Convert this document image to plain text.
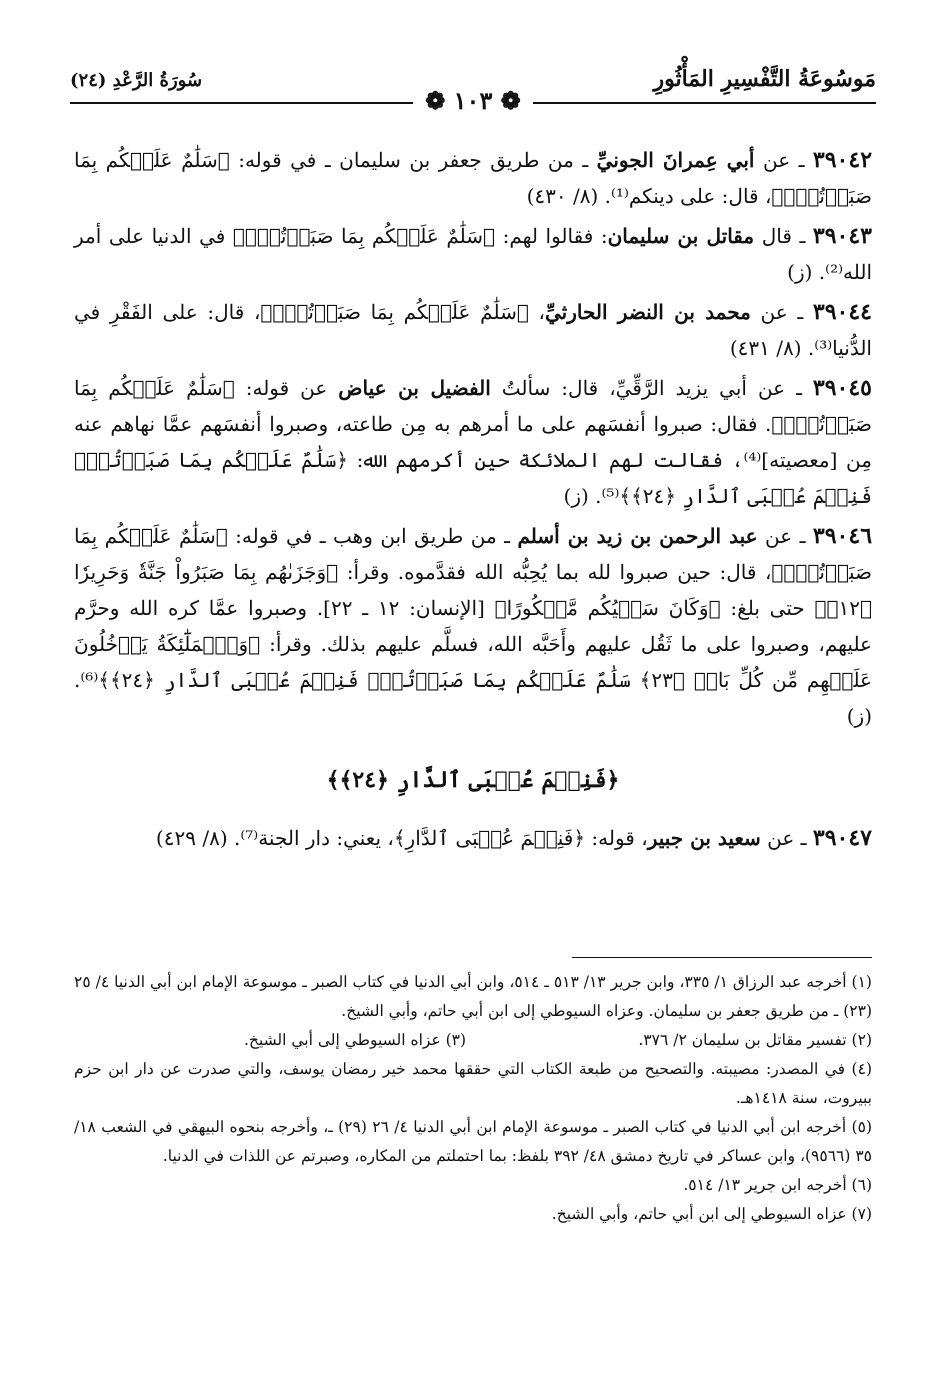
مَوسُوعَةُ التَّفْسِيرِ المَأْثُورِ
سُورَةُ الرَّعْدِ (٢٤)
❁ ١٠٣ ❁

٣٩٠٤٢ ـ عن أبي عِمرانَ الجونيِّ ـ من طريق جعفر بن سليمان ـ في قوله: ﴿سَلَٰمٌ عَلَيۡكُم بِمَا صَبَرۡتُمۡۚ﴾، قال: على دينكم⁽¹⁾. (٨/ ٤٣٠)

٣٩٠٤٣ ـ قال مقاتل بن سليمان: فقالوا لهم: ﴿سَلَٰمٌ عَلَيۡكُم بِمَا صَبَرۡتُمۡۚ﴾ في الدنيا على أمر الله⁽²⁾. (ز)

٣٩٠٤٤ ـ عن محمد بن النضر الحارثيِّ، ﴿سَلَٰمٌ عَلَيۡكُم بِمَا صَبَرۡتُمۡۚ﴾، قال: على الفَقْرِ في الدُّنيا⁽³⁾. (٨/ ٤٣١)

٣٩٠٤٥ ـ عن أبي يزيد الرَّقِّيِّ، قال: سألتُ الفضيل بن عياض عن قوله: ﴿سَلَٰمٌ عَلَيۡكُم بِمَا صَبَرۡتُمۡۚ﴾. فقال: صبروا أنفسَهم على ما أمرهم به مِن طاعته، وصبروا أنفسَهم عمَّا نهاهم عنه مِن [معصيته]⁽⁴⁾، فقالت لهم الملائكة حين أكرمهم الله: ﴿سَلَٰمٌ عَلَيۡكُم بِمَا صَبَرۡتُمۡۚ فَنِعۡمَ عُقۡبَى ٱلدَّارِ ﴿٢٤﴾﴾⁽⁵⁾. (ز)

٣٩٠٤٦ ـ عن عبد الرحمن بن زيد بن أسلم ـ من طريق ابن وهب ـ في قوله: ﴿سَلَٰمٌ عَلَيۡكُم بِمَا صَبَرۡتُمۡۚ﴾، قال: حين صبروا لله بما يُحِبُّه الله فقدَّموه. وقرأ: ﴿وَجَزَىٰهُم بِمَا صَبَرُواْ جَنَّةٗ وَحَرِيرٗا ﴿١٢﴾﴾ حتى بلغ: ﴿وَكَانَ سَعۡيُكُم مَّشۡكُورًا﴾ [الإنسان: ١٢ ـ ٢٢]. وصبروا عمَّا كره الله وحرَّم عليهم، وصبروا على ما ثَقُل عليهم وأَحَبَّه الله، فسلَّم عليهم بذلك. وقرأ: ﴿وَٱلۡمَلَٰٓئِكَةُ يَدۡخُلُونَ عَلَيۡهِم مِّن كُلِّ بَابٖ ﴿٢٣﴾ سَلَٰمٌ عَلَيۡكُم بِمَا صَبَرۡتُمۡۚ فَنِعۡمَ عُقۡبَى ٱلدَّارِ ﴿٢٤﴾﴾⁽⁶⁾. (ز)

﴿فَنِعۡمَ عُقۡبَى ٱلدَّارِ ﴿٢٤﴾﴾

٣٩٠٤٧ ـ عن سعيد بن جبير، قوله: ﴿فَنِعۡمَ عُقۡبَى ٱلدَّارِ﴾، يعني: دار الجنة⁽⁷⁾. (٨/ ٤٢٩)

(١) أخرجه عبد الرزاق ١/ ٣٣٥، وابن جرير ١٣/ ٥١٣ ـ ٥١٤، وابن أبي الدنيا في كتاب الصبر ـ موسوعة الإمام ابن أبي الدنيا ٤/ ٢٥ (٢٣) ـ من طريق جعفر بن سليمان. وعزاه السيوطي إلى ابن أبي حاتم، وأبي الشيخ.

(٢) تفسير مقاتل بن سليمان ٢/ ٣٧٦.
(٣) عزاه السيوطي إلى أبي الشيخ.

(٤) في المصدر: مصيبته. والتصحيح من طبعة الكتاب التي حققها محمد خير رمضان يوسف، والتي صدرت عن دار ابن حزم ببيروت، سنة ١٤١٨هـ.

(٥) أخرجه ابن أبي الدنيا في كتاب الصبر ـ موسوعة الإمام ابن أبي الدنيا ٤/ ٢٦ (٢٩) ـ، وأخرجه بنحوه البيهقي في الشعب ١٨/ ٣٥ (٩٥٦٦)، وابن عساكر في تاريخ دمشق ٤٨/ ٣٩٢ بلفظ: بما احتملتم من المكاره، وصبرتم عن اللذات في الدنيا.

(٦) أخرجه ابن جرير ١٣/ ٥١٤.

(٧) عزاه السيوطي إلى ابن أبي حاتم، وأبي الشيخ.
